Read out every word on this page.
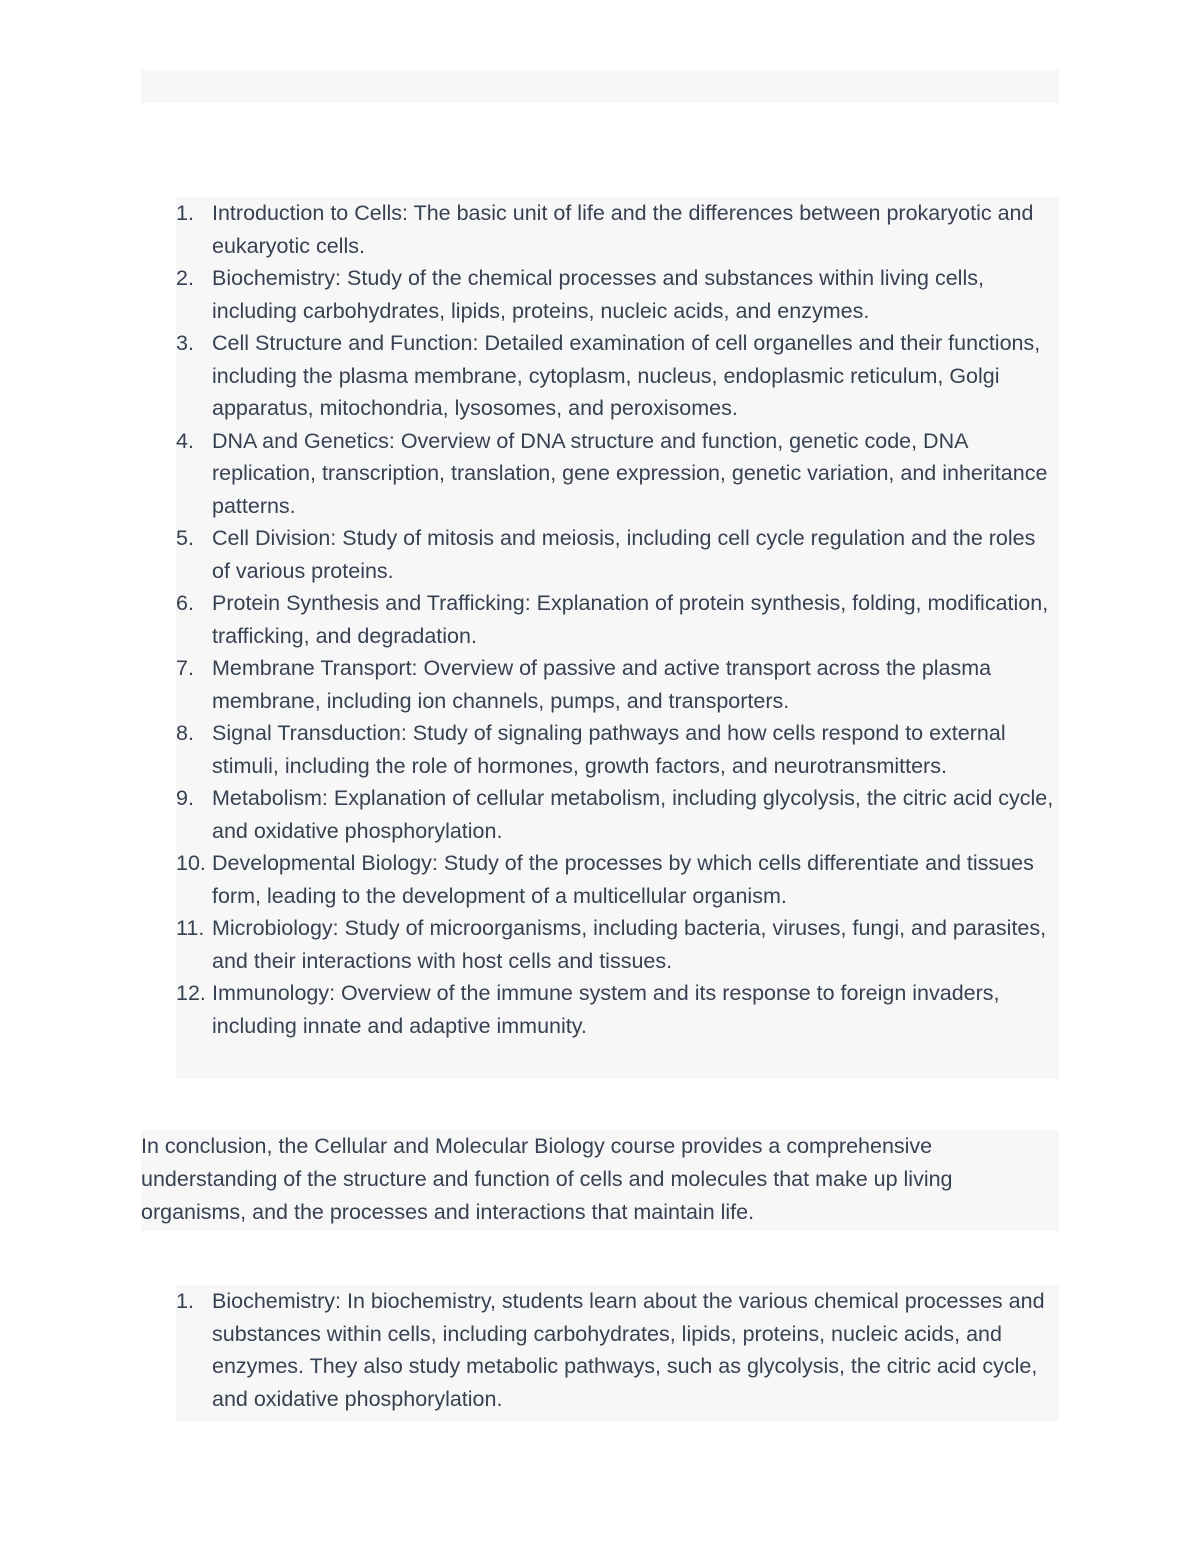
1. Introduction to Cells: The basic unit of life and the differences between prokaryotic and eukaryotic cells.
2. Biochemistry: Study of the chemical processes and substances within living cells, including carbohydrates, lipids, proteins, nucleic acids, and enzymes.
3. Cell Structure and Function: Detailed examination of cell organelles and their functions, including the plasma membrane, cytoplasm, nucleus, endoplasmic reticulum, Golgi apparatus, mitochondria, lysosomes, and peroxisomes.
4. DNA and Genetics: Overview of DNA structure and function, genetic code, DNA replication, transcription, translation, gene expression, genetic variation, and inheritance patterns.
5. Cell Division: Study of mitosis and meiosis, including cell cycle regulation and the roles of various proteins.
6. Protein Synthesis and Trafficking: Explanation of protein synthesis, folding, modification, trafficking, and degradation.
7. Membrane Transport: Overview of passive and active transport across the plasma membrane, including ion channels, pumps, and transporters.
8. Signal Transduction: Study of signaling pathways and how cells respond to external stimuli, including the role of hormones, growth factors, and neurotransmitters.
9. Metabolism: Explanation of cellular metabolism, including glycolysis, the citric acid cycle, and oxidative phosphorylation.
10. Developmental Biology: Study of the processes by which cells differentiate and tissues form, leading to the development of a multicellular organism.
11. Microbiology: Study of microorganisms, including bacteria, viruses, fungi, and parasites, and their interactions with host cells and tissues.
12. Immunology: Overview of the immune system and its response to foreign invaders, including innate and adaptive immunity.

In conclusion, the Cellular and Molecular Biology course provides a comprehensive understanding of the structure and function of cells and molecules that make up living organisms, and the processes and interactions that maintain life.

1. Biochemistry: In biochemistry, students learn about the various chemical processes and substances within cells, including carbohydrates, lipids, proteins, nucleic acids, and enzymes. They also study metabolic pathways, such as glycolysis, the citric acid cycle, and oxidative phosphorylation.
